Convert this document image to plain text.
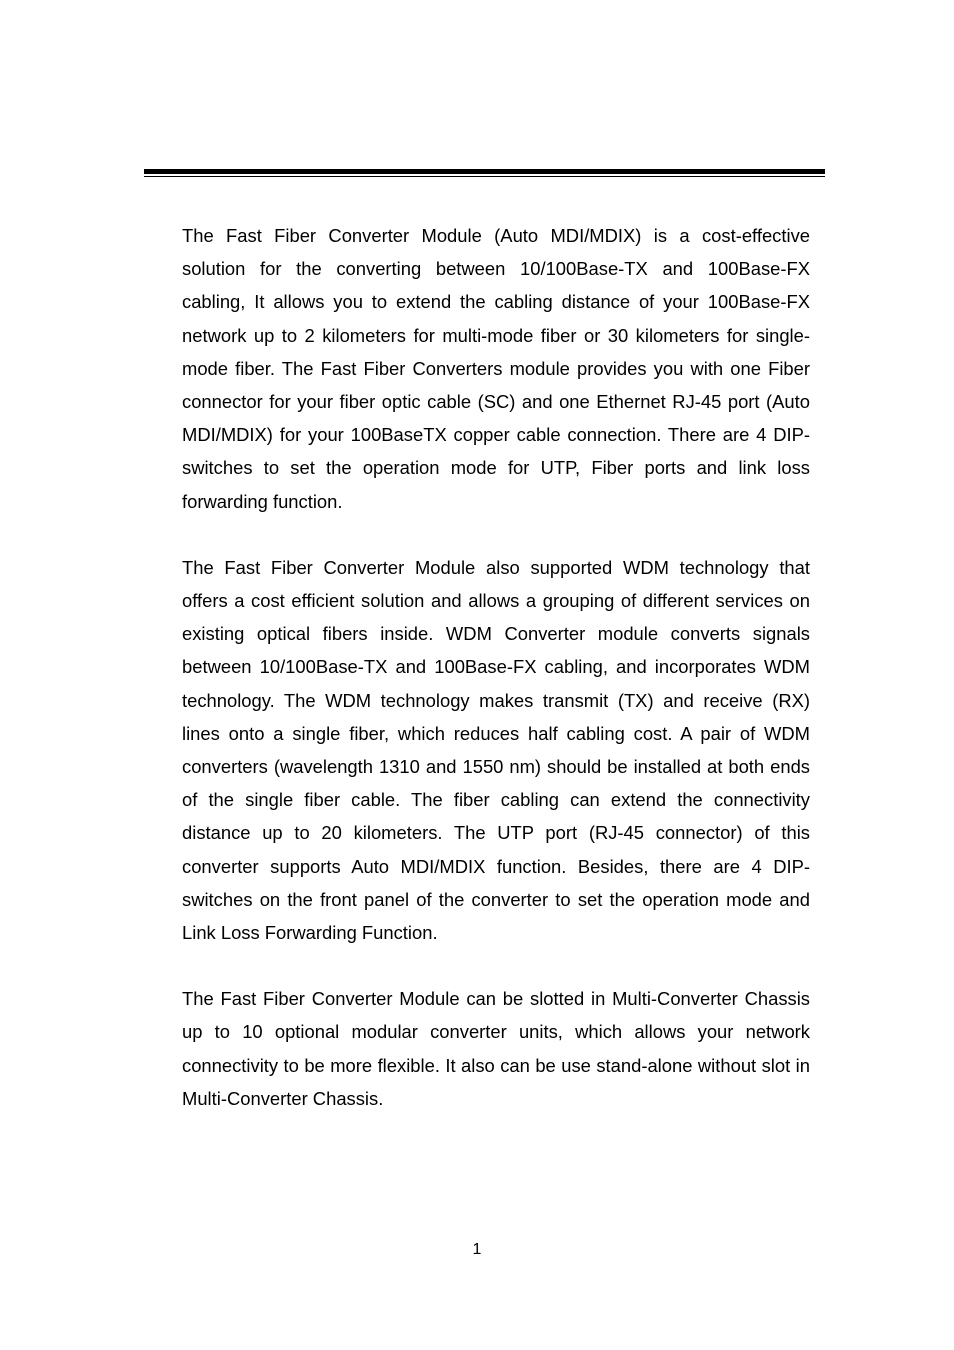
The Fast Fiber Converter Module (Auto MDI/MDIX) is a cost-effective solution for the converting between 10/100Base-TX and 100Base-FX cabling, It allows you to extend the cabling distance of your 100Base-FX network up to 2 kilometers for multi-mode fiber or 30 kilometers for single-mode fiber. The Fast Fiber Converters module provides you with one Fiber connector for your fiber optic cable (SC) and one Ethernet RJ-45 port (Auto MDI/MDIX) for your 100BaseTX copper cable connection. There are 4 DIP- switches to set the operation mode for UTP, Fiber ports and link loss forwarding function.

The Fast Fiber Converter Module also supported WDM technology that offers a cost efficient solution and allows a grouping of different services on existing optical fibers inside. WDM Converter module converts signals between 10/100Base-TX and 100Base-FX cabling, and incorporates WDM technology. The WDM technology makes transmit (TX) and receive (RX) lines onto a single fiber, which reduces half cabling cost. A pair of WDM converters (wavelength 1310 and 1550 nm) should be installed at both ends of the single fiber cable. The fiber cabling can extend the connectivity distance up to 20 kilometers. The UTP port (RJ-45 connector) of this converter supports Auto MDI/MDIX function. Besides, there are 4 DIP- switches on the front panel of the converter to set the operation mode and Link Loss Forwarding Function.

The Fast Fiber Converter Module can be slotted in Multi-Converter Chassis up to 10 optional modular converter units, which allows your network connectivity to be more flexible. It also can be use stand-alone without slot in Multi-Converter Chassis.

1
